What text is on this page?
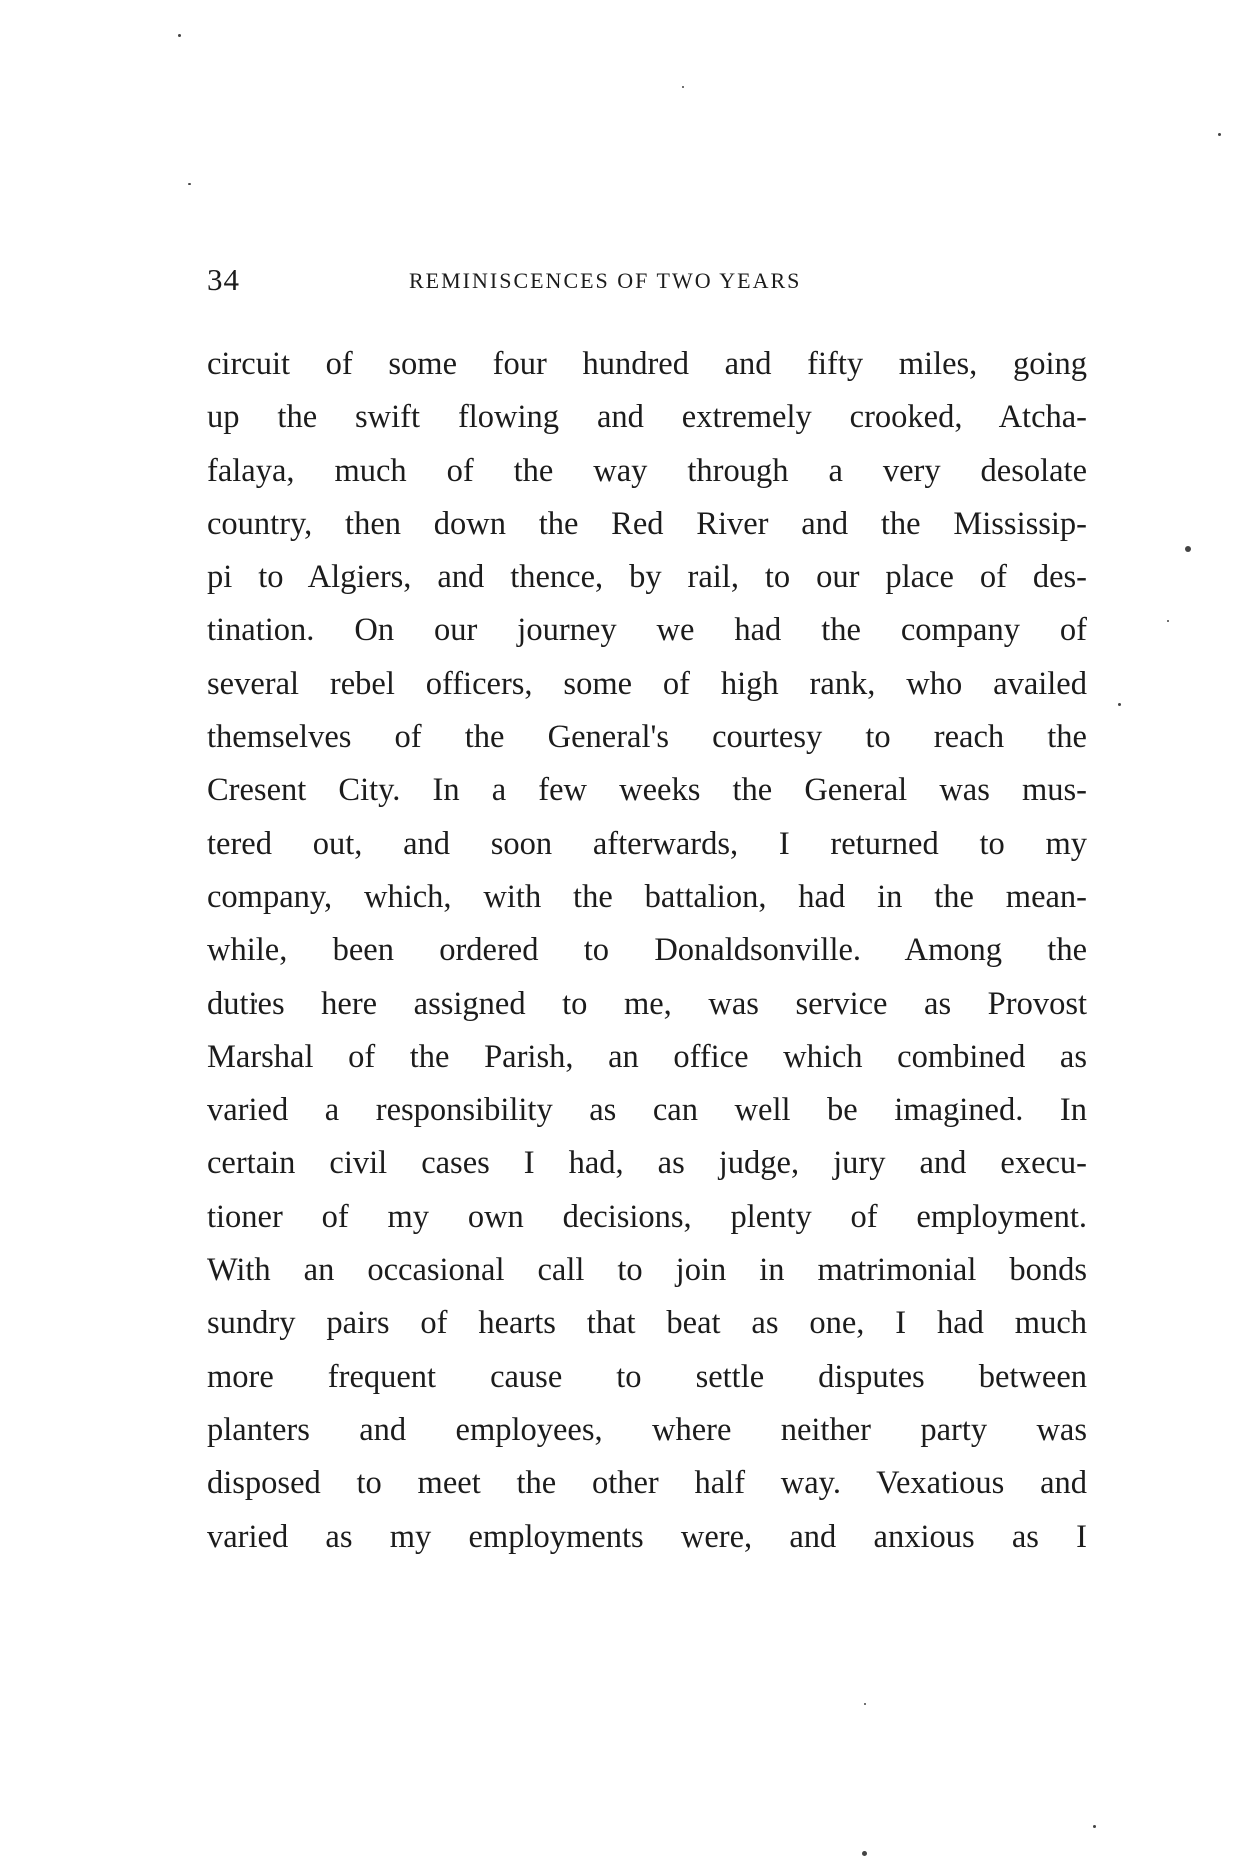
34	REMINISCENCES OF TWO YEARS
circuit of some four hundred and fifty miles, going
up the swift flowing and extremely crooked, Atcha-
falaya, much of the way through a very desolate
country, then down the Red River and the Mississip-
pi to Algiers, and thence, by rail, to our place of des-
tination. On our journey we had the company of
several rebel officers, some of high rank, who availed
themselves of the General's courtesy to reach the
Cresent City. In a few weeks the General was mus-
tered out, and soon afterwards, I returned to my
company, which, with the battalion, had in the mean-
while, been ordered to Donaldsonville. Among the
duties here assigned to me, was service as Provost
Marshal of the Parish, an office which combined as
varied a responsibility as can well be imagined. In
certain civil cases I had, as judge, jury and execu-
tioner of my own decisions, plenty of employment.
With an occasional call to join in matrimonial bonds
sundry pairs of hearts that beat as one, I had much
more frequent cause to settle disputes between
planters and employees, where neither party was
disposed to meet the other half way. Vexatious and
varied as my employments were, and anxious as I
